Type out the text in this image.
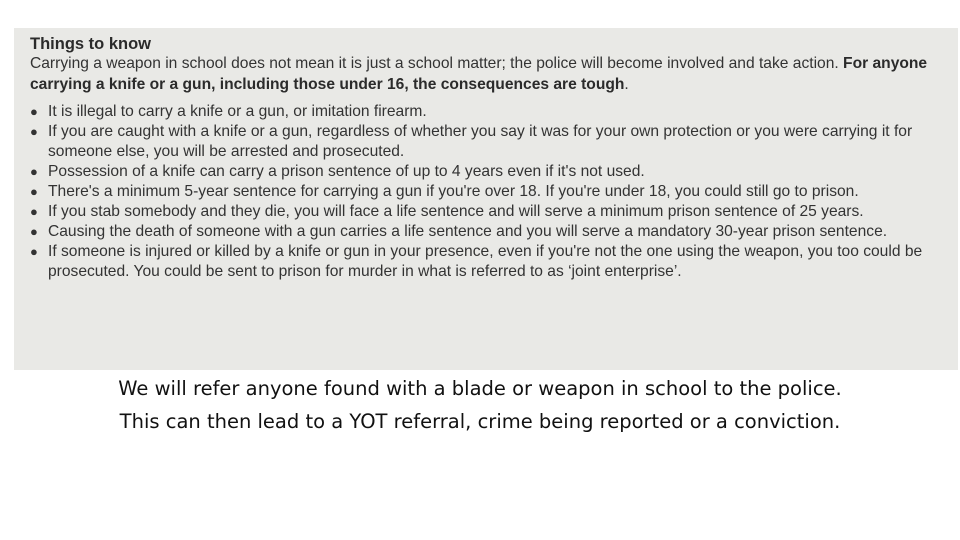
Things to know

Carrying a weapon in school does not mean it is just a school matter; the police will become involved and take action. For anyone carrying a knife or a gun, including those under 16, the consequences are tough.

● It is illegal to carry a knife or a gun, or imitation firearm.
● If you are caught with a knife or a gun, regardless of whether you say it was for your own protection or you were carrying it for someone else, you will be arrested and prosecuted.
● Possession of a knife can carry a prison sentence of up to 4 years even if it's not used.
● There's a minimum 5-year sentence for carrying a gun if you're over 18. If you're under 18, you could still go to prison.
● If you stab somebody and they die, you will face a life sentence and will serve a minimum prison sentence of 25 years.
● Causing the death of someone with a gun carries a life sentence and you will serve a mandatory 30-year prison sentence.
● If someone is injured or killed by a knife or gun in your presence, even if you're not the one using the weapon, you too could be prosecuted. You could be sent to prison for murder in what is referred to as ‘joint enterprise’.
We will refer anyone found with a blade or weapon in school to the police.
This can then lead to a YOT referral, crime being reported or a conviction.
